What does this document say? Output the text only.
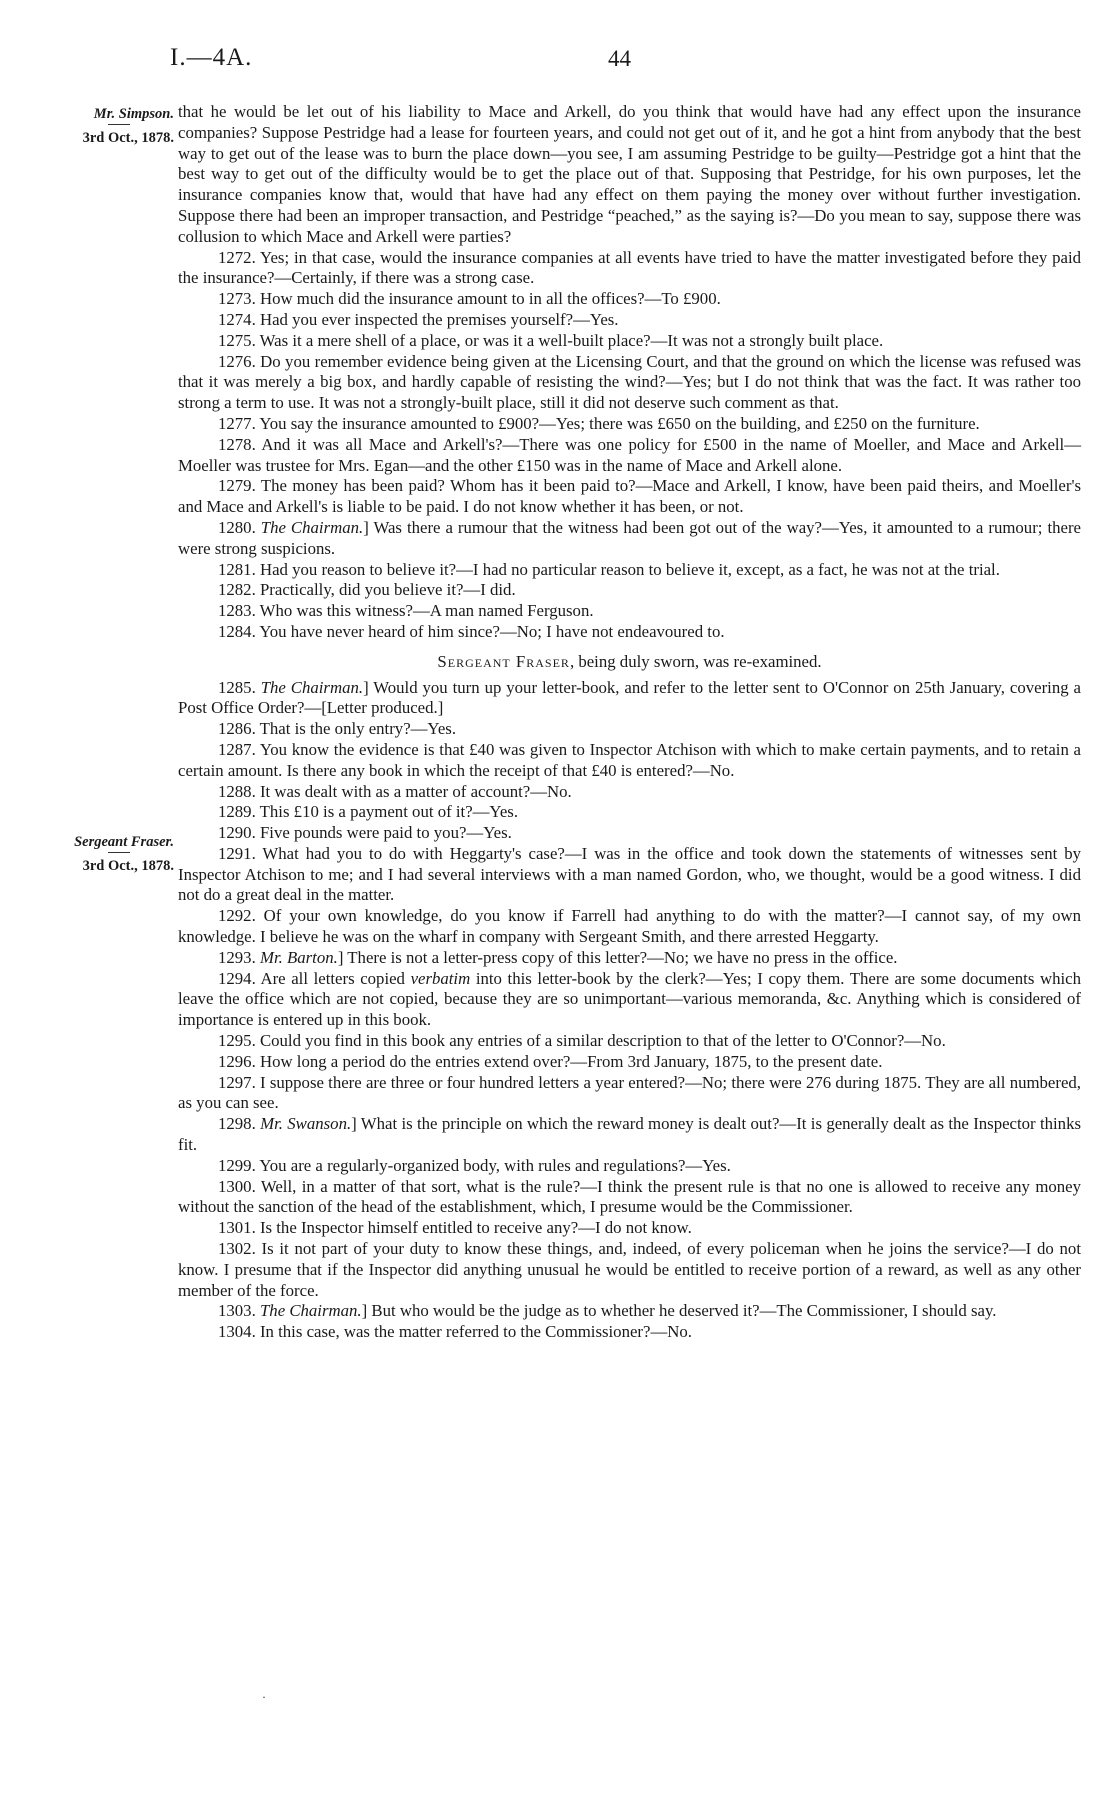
I.—4A.	44
Mr. Simpson.
3rd Oct., 1878.
Sergeant Fraser.
3rd Oct., 1878.

that he would be let out of his liability to Mace and Arkell, do you think that would have had any effect upon the insurance companies? Suppose Pestridge had a lease for fourteen years, and could not get out of it, and he got a hint from anybody that the best way to get out of the lease was to burn the place down—you see, I am assuming Pestridge to be guilty—Pestridge got a hint that the best way to get out of the difficulty would be to get the place out of that. Supposing that Pestridge, for his own purposes, let the insurance companies know that, would that have had any effect on them paying the money over without further investigation. Suppose there had been an improper transaction, and Pestridge “peached,” as the saying is?—Do you mean to say, suppose there was collusion to which Mace and Arkell were parties?

1272. Yes; in that case, would the insurance companies at all events have tried to have the matter investigated before they paid the insurance?—Certainly, if there was a strong case.

1273. How much did the insurance amount to in all the offices?—To £900.

1274. Had you ever inspected the premises yourself?—Yes.

1275. Was it a mere shell of a place, or was it a well-built place?—It was not a strongly built place.

1276. Do you remember evidence being given at the Licensing Court, and that the ground on which the license was refused was that it was merely a big box, and hardly capable of resisting the wind?—Yes; but I do not think that was the fact. It was rather too strong a term to use. It was not a strongly-built place, still it did not deserve such comment as that.

1277. You say the insurance amounted to £900?—Yes; there was £650 on the building, and £250 on the furniture.

1278. And it was all Mace and Arkell's?—There was one policy for £500 in the name of Moeller, and Mace and Arkell—Moeller was trustee for Mrs. Egan—and the other £150 was in the name of Mace and Arkell alone.

1279. The money has been paid? Whom has it been paid to?—Mace and Arkell, I know, have been paid theirs, and Moeller's and Mace and Arkell's is liable to be paid. I do not know whether it has been, or not.

1280. The Chairman.] Was there a rumour that the witness had been got out of the way?—Yes, it amounted to a rumour; there were strong suspicions.

1281. Had you reason to believe it?—I had no particular reason to believe it, except, as a fact, he was not at the trial.

1282. Practically, did you believe it?—I did.

1283. Who was this witness?—A man named Ferguson.

1284. You have never heard of him since?—No; I have not endeavoured to.

Sergeant Fraser, being duly sworn, was re-examined.

1285. The Chairman.] Would you turn up your letter-book, and refer to the letter sent to O'Connor on 25th January, covering a Post Office Order?—[Letter produced.]

1286. That is the only entry?—Yes.

1287. You know the evidence is that £40 was given to Inspector Atchison with which to make certain payments, and to retain a certain amount. Is there any book in which the receipt of that £40 is entered?—No.

1288. It was dealt with as a matter of account?—No.

1289. This £10 is a payment out of it?—Yes.

1290. Five pounds were paid to you?—Yes.

1291. What had you to do with Heggarty's case?—I was in the office and took down the statements of witnesses sent by Inspector Atchison to me; and I had several interviews with a man named Gordon, who, we thought, would be a good witness. I did not do a great deal in the matter.

1292. Of your own knowledge, do you know if Farrell had anything to do with the matter?—I cannot say, of my own knowledge. I believe he was on the wharf in company with Sergeant Smith, and there arrested Heggarty.

1293. Mr. Barton.] There is not a letter-press copy of this letter?—No; we have no press in the office.

1294. Are all letters copied verbatim into this letter-book by the clerk?—Yes; I copy them. There are some documents which leave the office which are not copied, because they are so unimportant—various memoranda, &c. Anything which is considered of importance is entered up in this book.

1295. Could you find in this book any entries of a similar description to that of the letter to O'Connor?—No.

1296. How long a period do the entries extend over?—From 3rd January, 1875, to the present date.

1297. I suppose there are three or four hundred letters a year entered?—No; there were 276 during 1875. They are all numbered, as you can see.

1298. Mr. Swanson.] What is the principle on which the reward money is dealt out?—It is generally dealt as the Inspector thinks fit.

1299. You are a regularly-organized body, with rules and regulations?—Yes.

1300. Well, in a matter of that sort, what is the rule?—I think the present rule is that no one is allowed to receive any money without the sanction of the head of the establishment, which, I presume would be the Commissioner.

1301. Is the Inspector himself entitled to receive any?—I do not know.

1302. Is it not part of your duty to know these things, and, indeed, of every policeman when he joins the service?—I do not know. I presume that if the Inspector did anything unusual he would be entitled to receive portion of a reward, as well as any other member of the force.

1303. The Chairman.] But who would be the judge as to whether he deserved it?—The Commissioner, I should say.

1304. In this case, was the matter referred to the Commissioner?—No.

·
